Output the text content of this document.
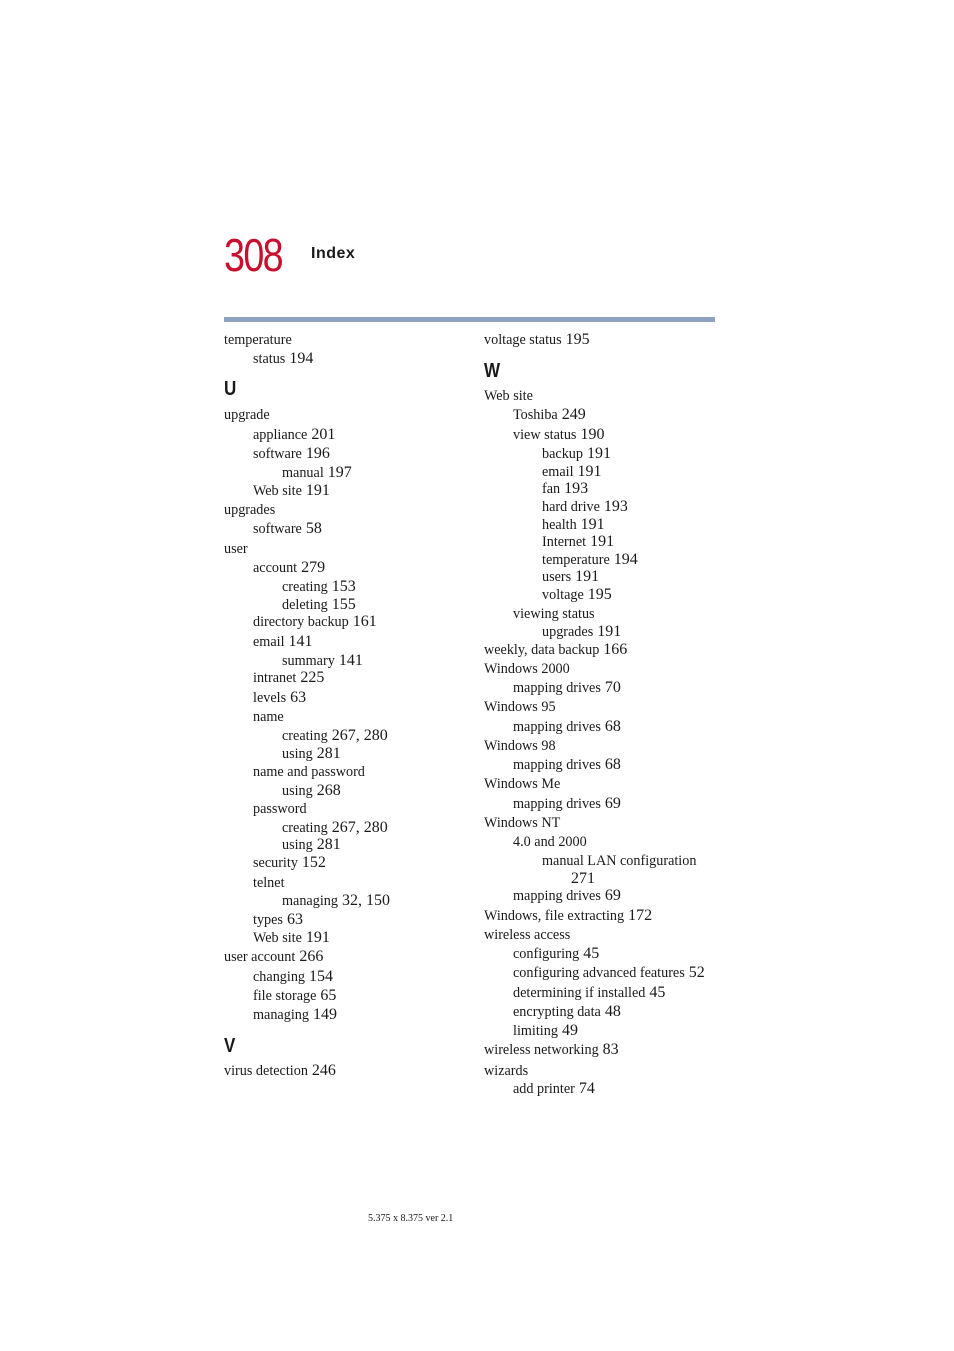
308 Index
temperature
status 194
U
upgrade
appliance 201
software 196
manual 197
Web site 191
upgrades
software 58
user
account 279
creating 153
deleting 155
directory backup 161
email 141
summary 141
intranet 225
levels 63
name
creating 267, 280
using 281
name and password
using 268
password
creating 267, 280
using 281
security 152
telnet
managing 32, 150
types 63
Web site 191
user account 266
changing 154
file storage 65
managing 149
V
virus detection 246
voltage status 195
W
Web site
Toshiba 249
view status 190
backup 191
email 191
fan 193
hard drive 193
health 191
Internet 191
temperature 194
users 191
voltage 195
viewing status
upgrades 191
weekly, data backup 166
Windows 2000
mapping drives 70
Windows 95
mapping drives 68
Windows 98
mapping drives 68
Windows Me
mapping drives 69
Windows NT
4.0 and 2000
manual LAN configuration
271
mapping drives 69
Windows, file extracting 172
wireless access
configuring 45
configuring advanced features 52
determining if installed 45
encrypting data 48
limiting 49
wireless networking 83
wizards
add printer 74
5.375 x 8.375 ver 2.1
